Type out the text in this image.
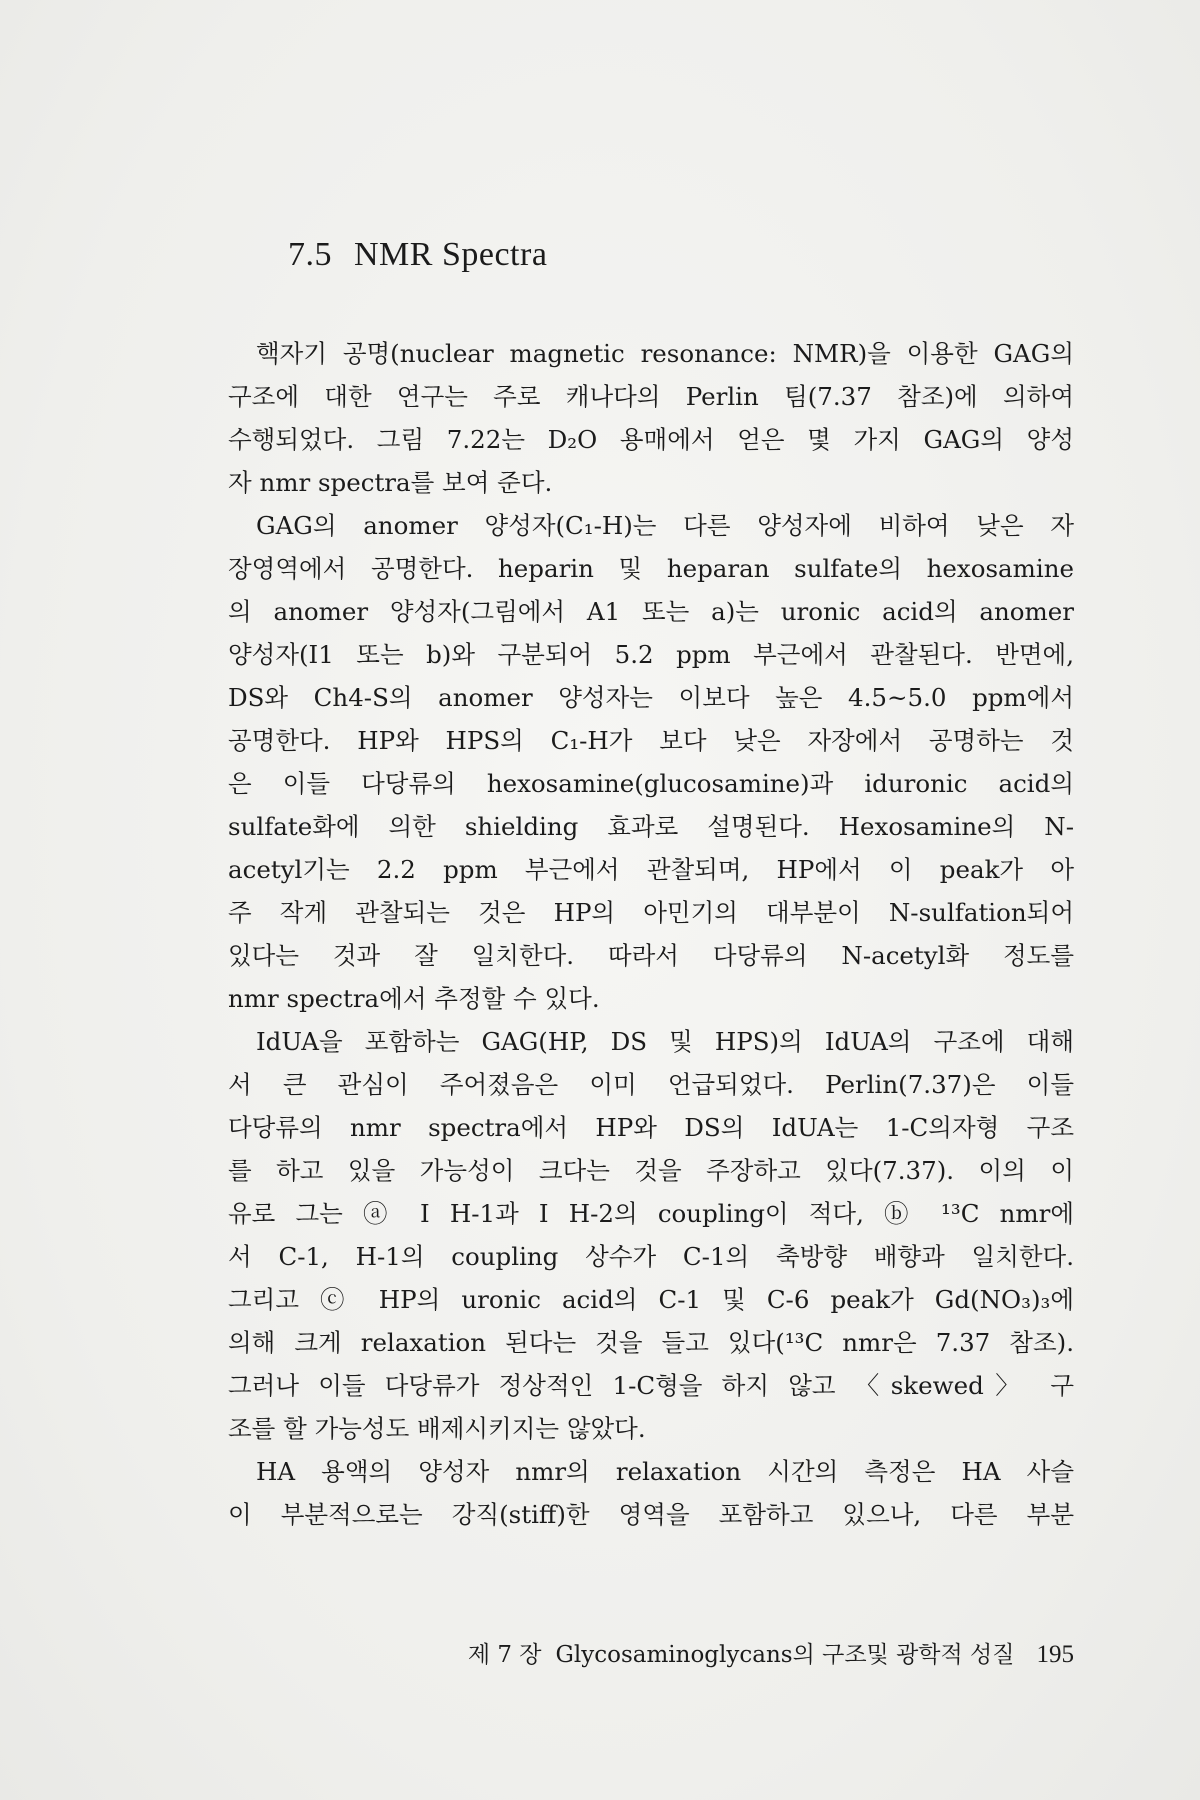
7.5 NMR Spectra
핵자기 공명(nuclear magnetic resonance: NMR)을 이용한 GAG의
구조에 대한 연구는 주로 캐나다의 Perlin 팀(7.37 참조)에 의하여
수행되었다. 그림 7.22는 D₂O 용매에서 얻은 몇 가지 GAG의 양성
자 nmr spectra를 보여 준다.
GAG의 anomer 양성자(C₁-H)는 다른 양성자에 비하여 낮은 자
장영역에서 공명한다. heparin 및 heparan sulfate의 hexosamine
의 anomer 양성자(그림에서 A1 또는 a)는 uronic acid의 anomer
양성자(I1 또는 b)와 구분되어 5.2 ppm 부근에서 관찰된다. 반면에,
DS와 Ch4-S의 anomer 양성자는 이보다 높은 4.5~5.0 ppm에서
공명한다. HP와 HPS의 C₁-H가 보다 낮은 자장에서 공명하는 것
은 이들 다당류의 hexosamine(glucosamine)과 iduronic acid의
sulfate화에 의한 shielding 효과로 설명된다. Hexosamine의 N-
acetyl기는 2.2 ppm 부근에서 관찰되며, HP에서 이 peak가 아
주 작게 관찰되는 것은 HP의 아민기의 대부분이 N-sulfation되어
있다는 것과 잘 일치한다. 따라서 다당류의 N-acetyl화 정도를
nmr spectra에서 추정할 수 있다.
IdUA을 포함하는 GAG(HP, DS 및 HPS)의 IdUA의 구조에 대해
서 큰 관심이 주어졌음은 이미 언급되었다. Perlin(7.37)은 이들
다당류의 nmr spectra에서 HP와 DS의 IdUA는 1-C의자형 구조
를 하고 있을 가능성이 크다는 것을 주장하고 있다(7.37). 이의 이
유로 그는 ⓐ I H-1과 I H-2의 coupling이 적다, ⓑ ¹³C nmr에
서 C-1, H-1의 coupling 상수가 C-1의 축방향 배향과 일치한다.
그리고 ⓒ HP의 uronic acid의 C-1 및 C-6 peak가 Gd(NO₃)₃에
의해 크게 relaxation 된다는 것을 들고 있다(¹³C nmr은 7.37 참조).
그러나 이들 다당류가 정상적인 1-C형을 하지 않고 〈skewed〉 구
조를 할 가능성도 배제시키지는 않았다.
HA 용액의 양성자 nmr의 relaxation 시간의 측정은 HA 사슬
이 부분적으로는 강직(stiff)한 영역을 포함하고 있으나, 다른 부분
제 7 장 Glycosaminoglycans의 구조및 광학적 성질 195
